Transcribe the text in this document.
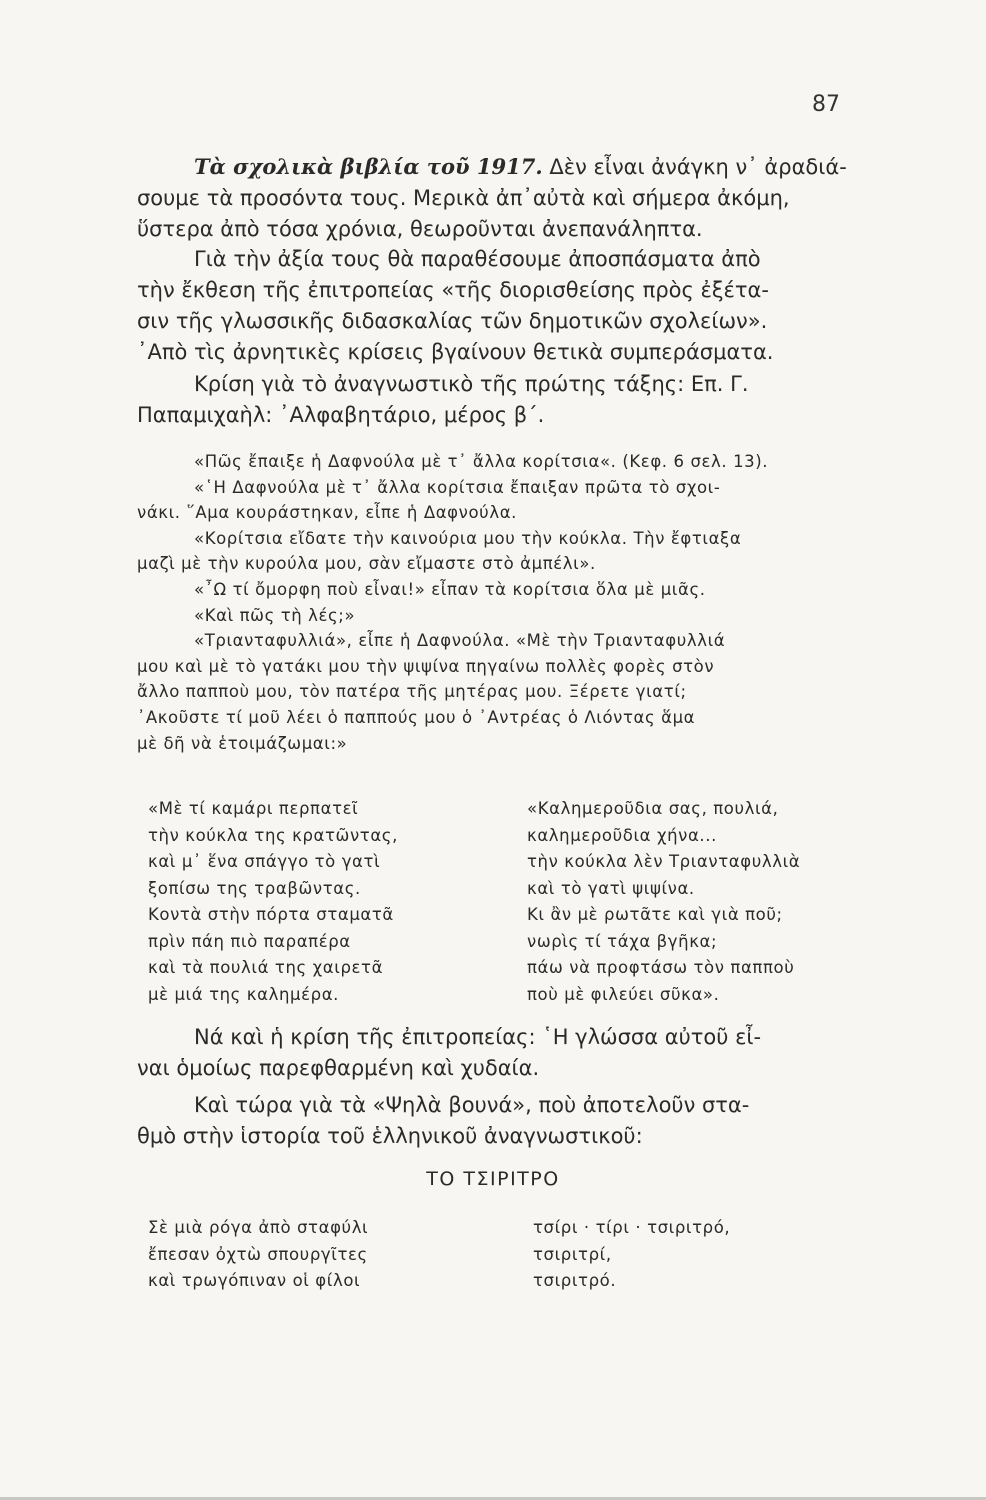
87

Τὰ σχολικὰ βιβλία τοῦ 1917. Δὲν εἶναι ἀνάγκη ν᾽ ἀραδιά-

σουμε τὰ προσόντα τους. Μερικὰ ἀπ᾽αὐτὰ καὶ σήμερα ἀκόμη,

ὕστερα ἀπὸ τόσα χρόνια, θεωροῦνται ἀνεπανάληπτα.

Γιὰ τὴν ἀξία τους θὰ παραθέσουμε ἀποσπάσματα ἀπὸ

τὴν ἔκθεση τῆς ἐπιτροπείας «τῆς διορισθείσης πρὸς ἐξέτα-

σιν τῆς γλωσσικῆς διδασκαλίας τῶν δημοτικῶν σχολείων».

᾽Απὸ τὶς ἀρνητικὲς κρίσεις βγαίνουν θετικὰ συμπεράσματα.

Κρίση γιὰ τὸ ἀναγνωστικὸ τῆς πρώτης τάξης: Επ. Γ.

Παπαμιχαὴλ: ᾽Αλφαβητάριο, μέρος β΄.

«Πῶς ἔπαιξε ἡ Δαφνούλα μὲ τ᾽ ἄλλα κορίτσια«. (Κεφ. 6 σελ. 13).

«῾Η Δαφνούλα μὲ τ᾽ ἄλλα κορίτσια ἔπαιξαν πρῶτα τὸ σχοι-

νάκι. ῞Αμα κουράστηκαν, εἶπε ἡ Δαφνούλα.

«Κορίτσια εἴδατε τὴν καινούρια μου τὴν κούκλα. Τὴν ἔφτιαξα

μαζὶ μὲ τὴν κυρούλα μου, σὰν εἴμαστε στὸ ἀμπέλι».

«῏Ω τί ὄμορφη ποὺ εἶναι!» εἶπαν τὰ κορίτσια ὅλα μὲ μιᾶς.

«Καὶ πῶς τὴ λές;»

«Τριανταφυλλιά», εἶπε ἡ Δαφνούλα. «Μὲ τὴν Τριανταφυλλιά

μου καὶ μὲ τὸ γατάκι μου τὴν ψιψίνα πηγαίνω πολλὲς φορὲς στὸν

ἄλλο παπποὺ μου, τὸν πατέρα τῆς μητέρας μου. Ξέρετε γιατί;

᾽Ακοῦστε τί μοῦ λέει ὁ παππούς μου ὁ ᾽Αντρέας ὁ Λιόντας ἅμα

μὲ δῆ νὰ ἑτοιμάζωμαι:»

«Μὲ τί καμάρι περπατεῖ

τὴν κούκλα της κρατῶντας,

καὶ μ᾽ ἕνα σπάγγο τὸ γατὶ

ξοπίσω της τραβῶντας.

Κοντὰ στὴν πόρτα σταματᾶ

πρὶν πάη πιὸ παραπέρα

καὶ τὰ πουλιά της χαιρετᾶ

μὲ μιά της καλημέρα.

«Καλημεροῦδια σας, πουλιά,

καλημεροῦδια χήνα...

τὴν κούκλα λὲν Τριανταφυλλιὰ

καὶ τὸ γατὶ ψιψίνα.

Κι ἂν μὲ ρωτᾶτε καὶ γιὰ ποῦ;

νωρὶς τί τάχα βγῆκα;

πάω νὰ προφτάσω τὸν παπποὺ

ποὺ μὲ φιλεύει σῦκα».

Νά καὶ ἡ κρίση τῆς ἐπιτροπείας: ῾Η γλώσσα αὐτοῦ εἶ-

ναι ὁμοίως παρεφθαρμένη καὶ χυδαία.

Καὶ τώρα γιὰ τὰ «Ψηλὰ βουνά», ποὺ ἀποτελοῦν στα-

θμὸ στὴν ἱστορία τοῦ ἑλληνικοῦ ἀναγνωστικοῦ:

ΤΟ ΤΣΙΡΙΤΡΟ

Σὲ μιὰ ρόγα ἀπὸ σταφύλι

ἔπεσαν ὀχτὼ σπουργῖτες

καὶ τρωγόπιναν οἱ φίλοι

τσίρι · τίρι · τσιριτρό,

τσιριτρί,

τσιριτρό.
